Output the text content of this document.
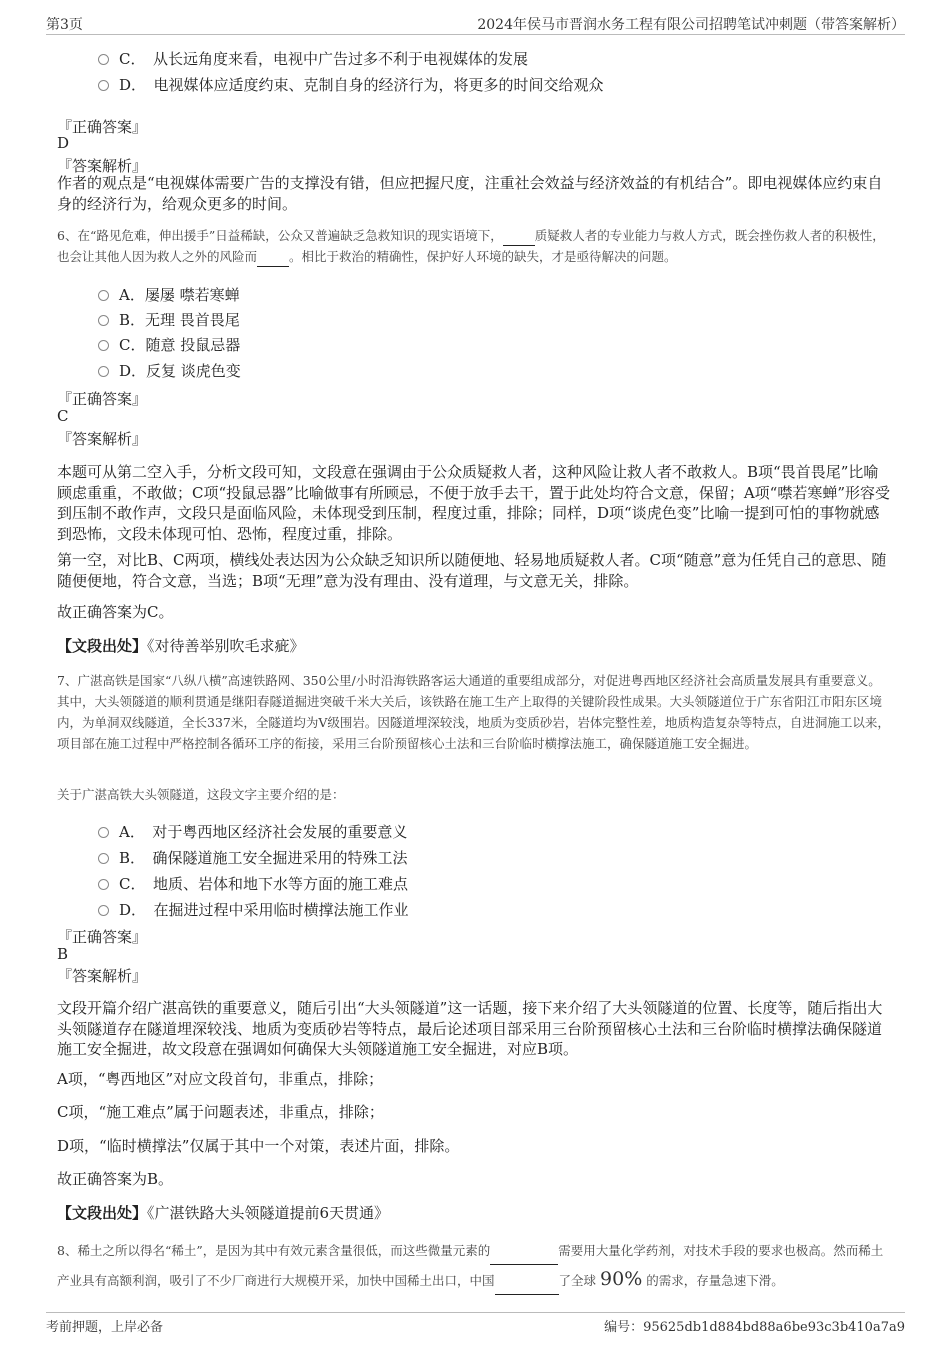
第3页	2024年侯马市晋润水务工程有限公司招聘笔试冲刺题（带答案解析）
C．　从长远角度来看，电视中广告过多不利于电视媒体的发展
D．　电视媒体应适度约束、克制自身的经济行为，将更多的时间交给观众
『正确答案』
D
『答案解析』
作者的观点是“电视媒体需要广告的支撑没有错，但应把握尺度，注重社会效益与经济效益的有机结合”。即电视媒体应约束自身的经济行为，给观众更多的时间。
6、在“路见危难，伸出援手”日益稀缺，公众又普遍缺乏急救知识的现实语境下，	质疑救人者的专业能力与救人方式，既会挫伤救人者的积极性，也会让其他人因为救人之外的风险而	。相比于救治的精确性，保护好人环境的缺失，才是亟待解决的问题。
A．屡屡 噤若寒蝉
B．无理 畏首畏尾
C．随意 投鼠忌器
D．反复 谈虎色变
『正确答案』
C
『答案解析』
本题可从第二空入手，分析文段可知，文段意在强调由于公众质疑救人者，这种风险让救人者不敢救人。B项“畏首畏尾”比喻顾虑重重，不敢做；C项“投鼠忌器”比喻做事有所顾忌，不便于放手去干，置于此处均符合文意，保留；A项“噤若寒蝉”形容受到压制不敢作声，文段只是面临风险，未体现受到压制，程度过重，排除；同样，D项“谈虎色变”比喻一提到可怕的事物就感到恐怖，文段未体现可怕、恐怖，程度过重，排除。
第一空，对比B、C两项，横线处表达因为公众缺乏知识所以随便地、轻易地质疑救人者。C项“随意”意为任凭自己的意思、随随便便地，符合文意，当选；B项“无理”意为没有理由、没有道理，与文意无关，排除。
故正确答案为C。
【文段出处】《对待善举别吹毛求疵》
7、广湛高铁是国家“八纵八横”高速铁路网、350公里/小时沿海铁路客运大通道的重要组成部分，对促进粤西地区经济社会高质量发展具有重要意义。其中，大头领隧道的顺利贯通是继阳春隧道掘进突破千米大关后，该铁路在施工生产上取得的关键阶段性成果。大头领隧道位于广东省阳江市阳东区境内，为单洞双线隧道，全长337米，全隧道均为V级围岩。因隧道埋深较浅，地质为变质砂岩，岩体完整性差，地质构造复杂等特点，自进洞施工以来，项目部在施工过程中严格控制各循环工序的衔接，采用三台阶预留核心土法和三台阶临时横撑法施工，确保隧道施工安全掘进。
关于广湛高铁大头领隧道，这段文字主要介绍的是：
A．　对于粤西地区经济社会发展的重要意义
B．　确保隧道施工安全掘进采用的特殊工法
C．　地质、岩体和地下水等方面的施工难点
D．　在掘进过程中采用临时横撑法施工作业
『正确答案』
B
『答案解析』
文段开篇介绍广湛高铁的重要意义，随后引出“大头领隧道”这一话题，接下来介绍了大头领隧道的位置、长度等，随后指出大头领隧道存在隧道埋深较浅、地质为变质砂岩等特点，最后论述项目部采用三台阶预留核心土法和三台阶临时横撑法确保隧道施工安全掘进，故文段意在强调如何确保大头领隧道施工安全掘进，对应B项。
A项，“粤西地区”对应文段首句，非重点，排除；
C项，“施工难点”属于问题表述，非重点，排除；
D项，“临时横撑法”仅属于其中一个对策，表述片面，排除。
故正确答案为B。
【文段出处】《广湛铁路大头领隧道提前6天贯通》
8、稀土之所以得名“稀土”，是因为其中有效元素含量很低，而这些微量元素的	需要用大量化学药剂，对技术手段的要求也极高。然而稀土产业具有高额利润，吸引了不少厂商进行大规模开采，加快中国稀土出口，中国	了全球 90% 的需求，存量急速下滑。
考前押题，上岸必备	编号：95625db1d884bd88a6be93c3b410a7a9
